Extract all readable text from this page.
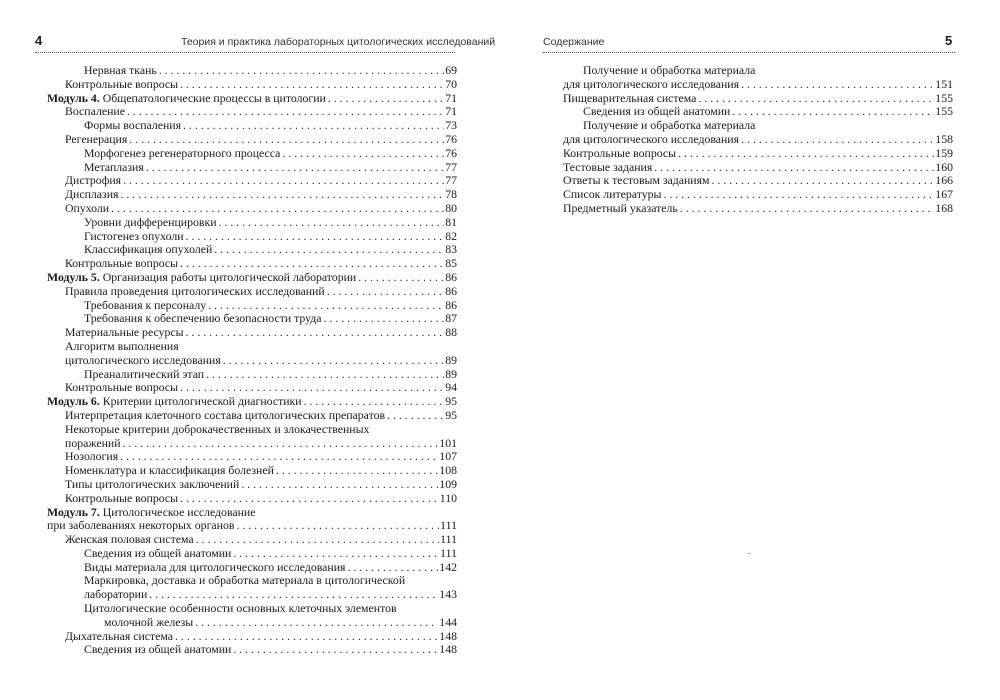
4	Теория и практика лабораторных цитологических исследований
Нервная ткань . . .	69
Контрольные вопросы . . .	70
Модуль 4. Общепатологические процессы в цитологии . . .	71
Воспаление . . .	71
Формы воспаления . . .	73
Регенерация . . .	76
Морфогенез регенераторного процесса . . .	76
Метаплазия . . .	77
Дистрофия . . .	77
Дисплазия . . .	78
Опухоли . . .	80
Уровни дифференцировки . . .	81
Гистогенез опухоли . . .	82
Классификация опухолей . . .	83
Контрольные вопросы . . .	85
Модуль 5. Организация работы цитологической лаборатории . . .	86
Правила проведения цитологических исследований . . .	86
Требования к персоналу . . .	86
Требования к обеспечению безопасности труда . . .	87
Материальные ресурсы . . .	88
Алгоритм выполнения
цитологического исследования . . .	89
Преаналитический этап . . .	89
Контрольные вопросы . . .	94
Модуль 6. Критерии цитологической диагностики . . .	95
Интерпретация клеточного состава цитологических препаратов . . .	95
Некоторые критерии доброкачественных и злокачественных
поражений . . .	101
Нозология . . .	107
Номенклатура и классификация болезней . . .	108
Типы цитологических заключений . . .	109
Контрольные вопросы . . .	110
Модуль 7. Цитологическое исследование
при заболеваниях некоторых органов . . .	111
Женская половая система . . .	111
Сведения из общей анатомии . . .	111
Виды материала для цитологического исследования . . .	142
Маркировка, доставка и обработка материала в цитологической
лаборатории . . .	143
Цитологические особенности основных клеточных элементов
молочной железы . . .	144
Дыхательная система . . .	148
Сведения из общей анатомии . . .	148
Содержание	5
Получение и обработка материала
для цитологического исследования . . .	151
Пищеварительная система . . .	155
Сведения из общей анатомии . . .	155
Получение и обработка материала
для цитологического исследования . . .	158
Контрольные вопросы . . .	159
Тестовые задания . . .	160
Ответы к тестовым заданиям . . .	166
Список литературы . . .	167
Предметный указатель . . .	168
